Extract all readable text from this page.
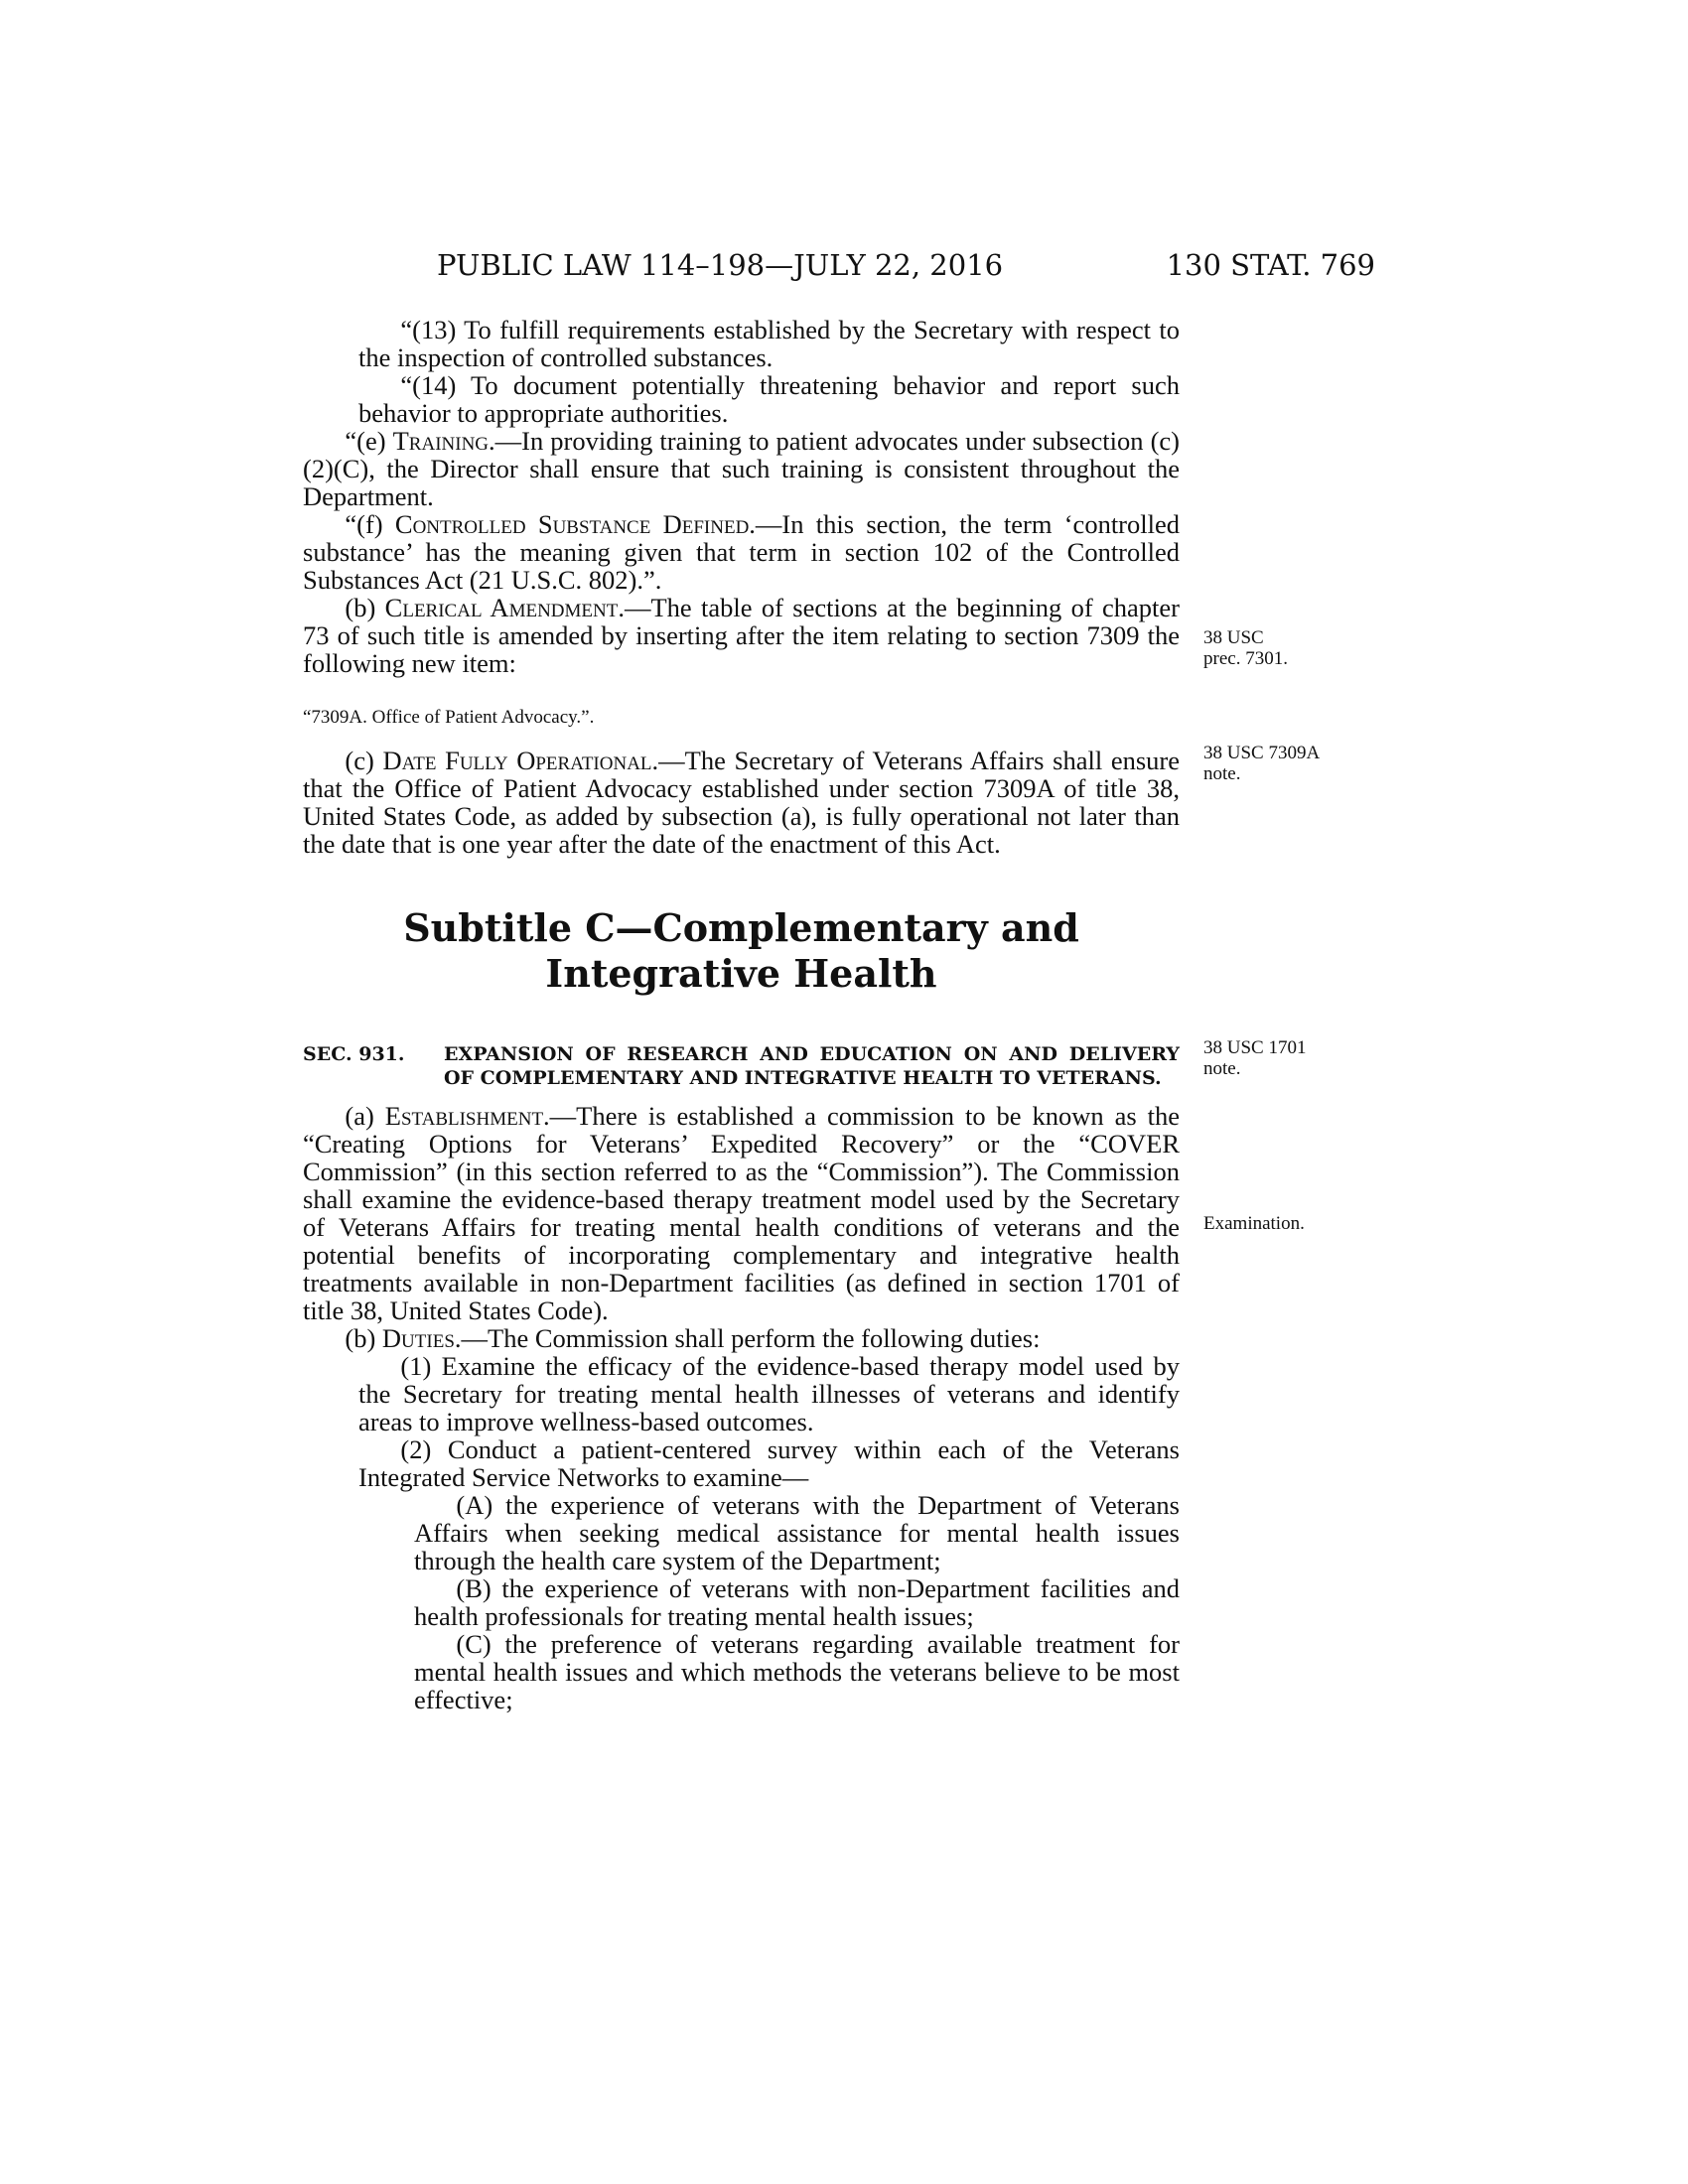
PUBLIC LAW 114–198—JULY 22, 2016	130 STAT. 769

“(13) To fulfill requirements established by the Secretary with respect to the inspection of controlled substances.

“(14) To document potentially threatening behavior and report such behavior to appropriate authorities.

“(e) Training.—In providing training to patient advocates under subsection (c)(2)(C), the Director shall ensure that such training is consistent throughout the Department.

“(f) Controlled Substance Defined.—In this section, the term ‘controlled substance’ has the meaning given that term in section 102 of the Controlled Substances Act (21 U.S.C. 802).”.

(b) Clerical Amendment.—The table of sections at the beginning of chapter 73 of such title is amended by inserting after the item relating to section 7309 the following new item:

“7309A. Office of Patient Advocacy.”.

(c) Date Fully Operational.—The Secretary of Veterans Affairs shall ensure that the Office of Patient Advocacy established under section 7309A of title 38, United States Code, as added by subsection (a), is fully operational not later than the date that is one year after the date of the enactment of this Act.

Subtitle C—Complementary and
Integrative Health
SEC. 931.	EXPANSION OF RESEARCH AND EDUCATION ON AND DELIVERY OF COMPLEMENTARY AND INTEGRATIVE HEALTH TO VETERANS.

(a) Establishment.—There is established a commission to be known as the “Creating Options for Veterans’ Expedited Recovery” or the “COVER Commission” (in this section referred to as the “Commission”). The Commission shall examine the evidence-based therapy treatment model used by the Secretary of Veterans Affairs for treating mental health conditions of veterans and the potential benefits of incorporating complementary and integrative health treatments available in non-Department facilities (as defined in section 1701 of title 38, United States Code).

(b) Duties.—The Commission shall perform the following duties:

(1) Examine the efficacy of the evidence-based therapy model used by the Secretary for treating mental health illnesses of veterans and identify areas to improve wellness-based outcomes.

(2) Conduct a patient-centered survey within each of the Veterans Integrated Service Networks to examine—

(A) the experience of veterans with the Department of Veterans Affairs when seeking medical assistance for mental health issues through the health care system of the Department;

(B) the experience of veterans with non-Department facilities and health professionals for treating mental health issues;

(C) the preference of veterans regarding available treatment for mental health issues and which methods the veterans believe to be most effective;

38 USC
prec. 7301.
38 USC 7309A
note.
38 USC 1701
note.
Examination.
